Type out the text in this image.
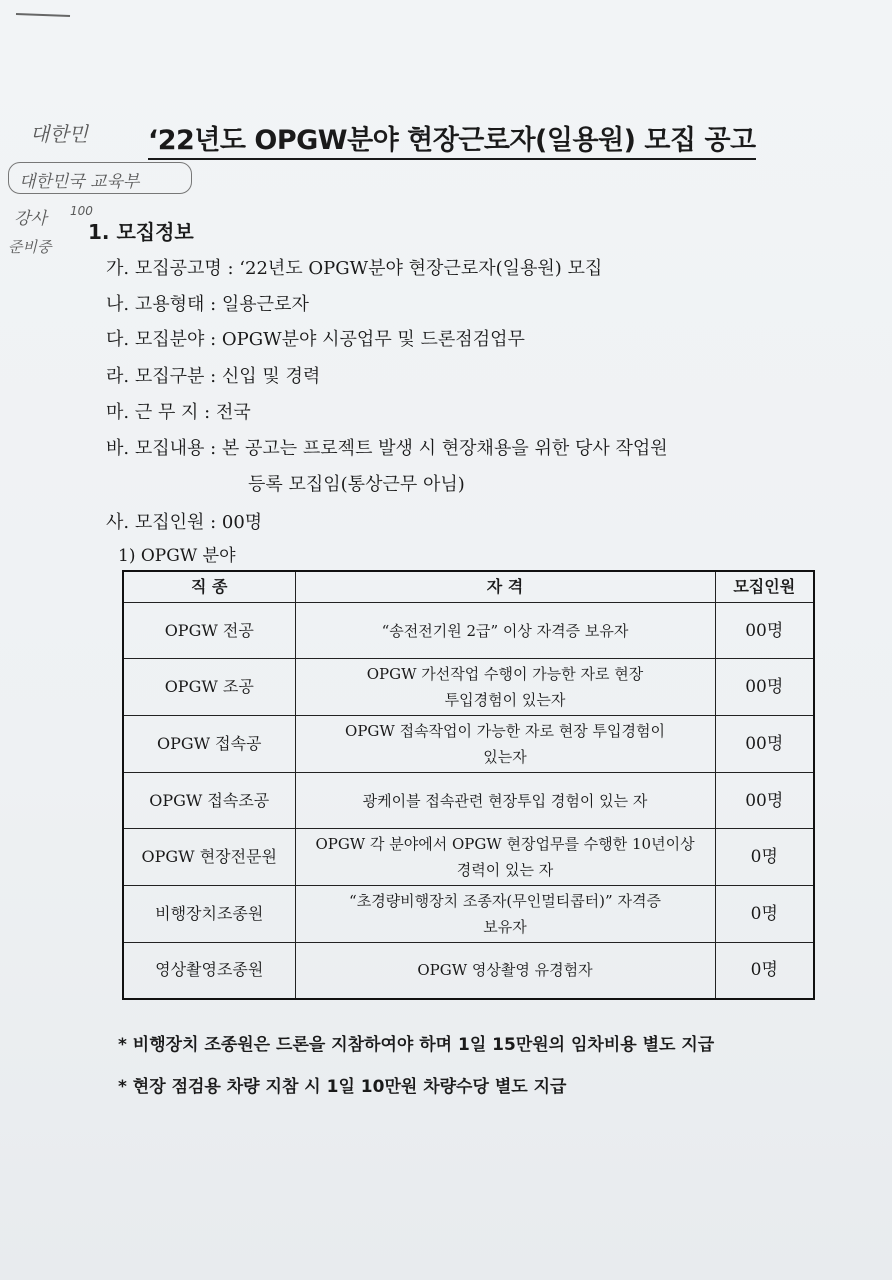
대한민
대한민국 교육부
강사 100
준비중
‘22년도 OPGW분야 현장근로자(일용원) 모집 공고
1. 모집정보
가. 모집공고명 : ‘22년도 OPGW분야 현장근로자(일용원) 모집
나. 고용형태 : 일용근로자
다. 모집분야 : OPGW분야 시공업무 및 드론점검업무
라. 모집구분 : 신입 및 경력
마. 근 무 지 : 전국
바. 모집내용 : 본 공고는 프로젝트 발생 시 현장채용을 위한 당사 작업원
등록 모집임(통상근무 아님)
사. 모집인원 : 00명
1) OPGW 분야
직 종	자 격	모집인원
OPGW 전공	“송전전기원 2급” 이상 자격증 보유자	00명
OPGW 조공	OPGW 가선작업 수행이 가능한 자로 현장
투입경험이 있는자	00명
OPGW 접속공	OPGW 접속작업이 가능한 자로 현장 투입경험이
있는자	00명
OPGW 접속조공	광케이블 접속관련 현장투입 경험이 있는 자	00명
OPGW 현장전문원	OPGW 각 분야에서 OPGW 현장업무를 수행한 10년이상
경력이 있는 자	0명
비행장치조종원	“초경량비행장치 조종자(무인멀티콥터)” 자격증
보유자	0명
영상촬영조종원	OPGW 영상촬영 유경험자	0명
* 비행장치 조종원은 드론을 지참하여야 하며 1일 15만원의 임차비용 별도 지급
* 현장 점검용 차량 지참 시 1일 10만원 차량수당 별도 지급
